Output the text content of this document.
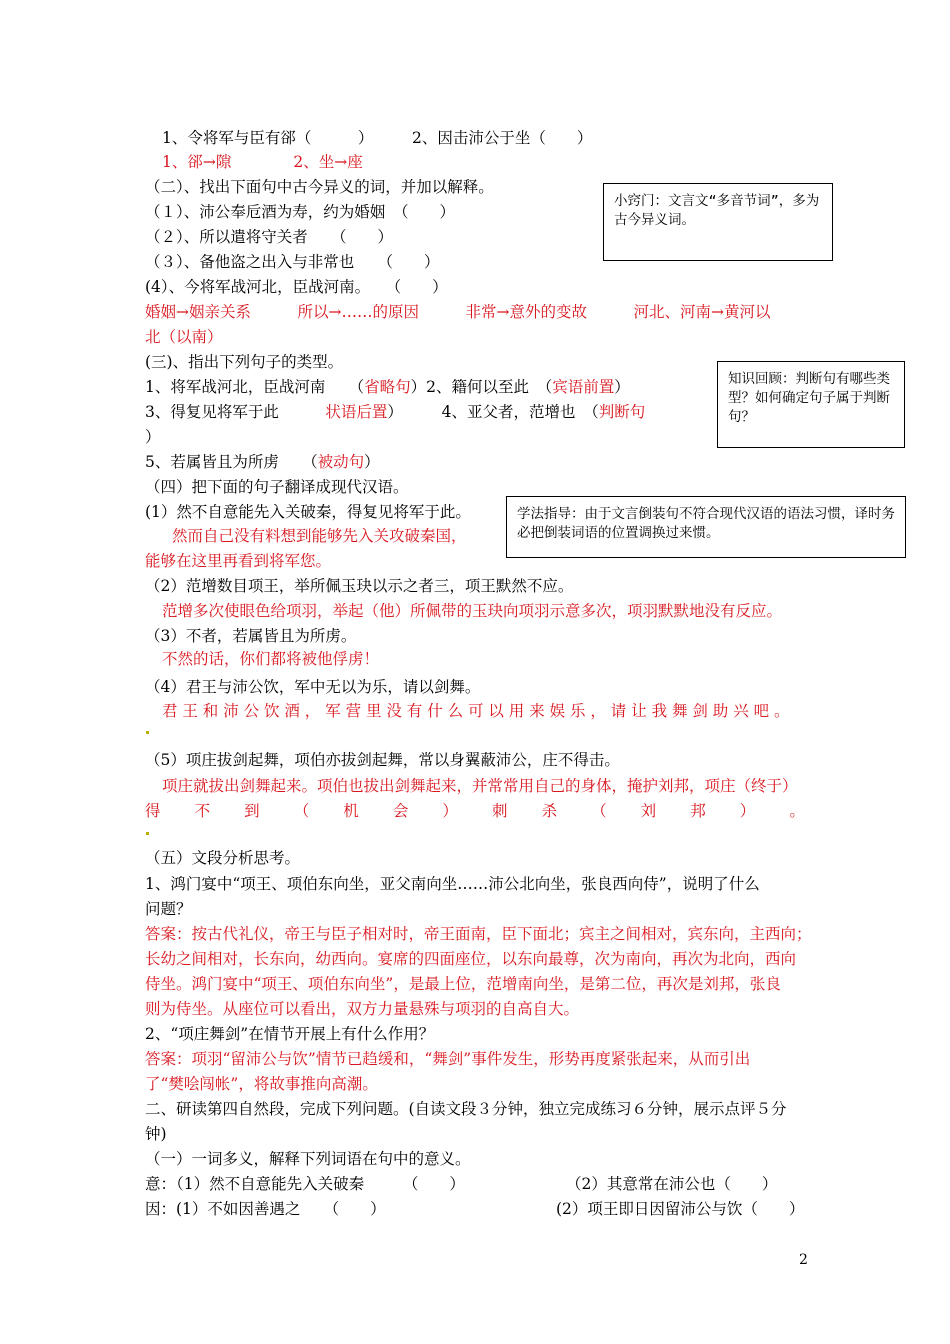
1、令将军与臣有郤（　　　） 2、因击沛公于坐（　　）
1、郤→隙　　　　2、坐→座
（二）、找出下面句中古今异义的词，并加以解释。
（１）、沛公奉卮酒为寿，约为婚姻　（　　）
（２）、所以遣将守关者　　（　　）
（３）、备他盗之出入与非常也　　（　　）
(4）、今将军战河北，臣战河南。　　（　　）
婚姻→姻亲关系　　　所以→……的原因　　　非常→意外的变故　　　河北、河南→黄河以
北（以南）
小窍门：文言文“多音节词”，多为古今异义词。
(三)、指出下列句子的类型。
1、将军战河北，臣战河南　　（省略句）2、籍何以至此　（宾语前置）
3、得复见将军于此　　　状语后置）　　　4、亚父者，范增也　（判断句
）
5、若属皆且为所虏　　（被动句）
知识回顾：判断句有哪些类型？如何确定句子属于判断句？
（四）把下面的句子翻译成现代汉语。
(1）然不自意能先入关破秦，得复见将军于此。
然而自己没有料想到能够先入关攻破秦国，
能够在这里再看到将军您。
学法指导：由于文言倒装句不符合现代汉语的语法习惯，译时务必把倒装词语的位置调换过来惯。
（2）范增数目项王，举所佩玉玦以示之者三，项王默然不应。
范增多次使眼色给项羽，举起（他）所佩带的玉玦向项羽示意多次，项羽默默地没有反应。
（3）不者，若属皆且为所虏。
不然的话，你们都将被他俘虏！
（4）君王与沛公饮，军中无以为乐，请以剑舞。
君王和沛公饮酒，军营里没有什么可以用来娱乐，请让我舞剑助兴吧。
（5）项庄拔剑起舞，项伯亦拔剑起舞，常以身翼蔽沛公，庄不得击。
项庄就拔出剑舞起来。项伯也拔出剑舞起来，并常常用自己的身体，掩护刘邦，项庄（终于）
得 不 到 （ 机 会 ） 刺 杀 （ 刘 邦 ） 。
（五）文段分析思考。
1、鸿门宴中“项王、项伯东向坐，亚父南向坐……沛公北向坐，张良西向侍”，说明了什么
问题？
答案：按古代礼仪，帝王与臣子相对时，帝王面南，臣下面北；宾主之间相对，宾东向，主西向；
长幼之间相对，长东向，幼西向。宴席的四面座位，以东向最尊，次为南向，再次为北向，西向
侍坐。鸿门宴中“项王、项伯东向坐”，是最上位，范增南向坐，是第二位，再次是刘邦，张良
则为侍坐。从座位可以看出，双方力量悬殊与项羽的自高自大。
2、“项庄舞剑”在情节开展上有什么作用？
答案：项羽“留沛公与饮”情节已趋缓和，“舞剑”事件发生，形势再度紧张起来，从而引出
了“樊哙闯帐”，将故事推向高潮。
二、研读第四自然段，完成下列问题。(自读文段３分钟，独立完成练习６分钟，展示点评５分
钟)
（一）一词多义，解释下列词语在句中的意义。
意：（1）然不自意能先入关破秦　　　（　　）	（2）其意常在沛公也（　　）
因：(1）不如因善遇之　　（　　）	(2）项王即日因留沛公与饮（　　）
2
